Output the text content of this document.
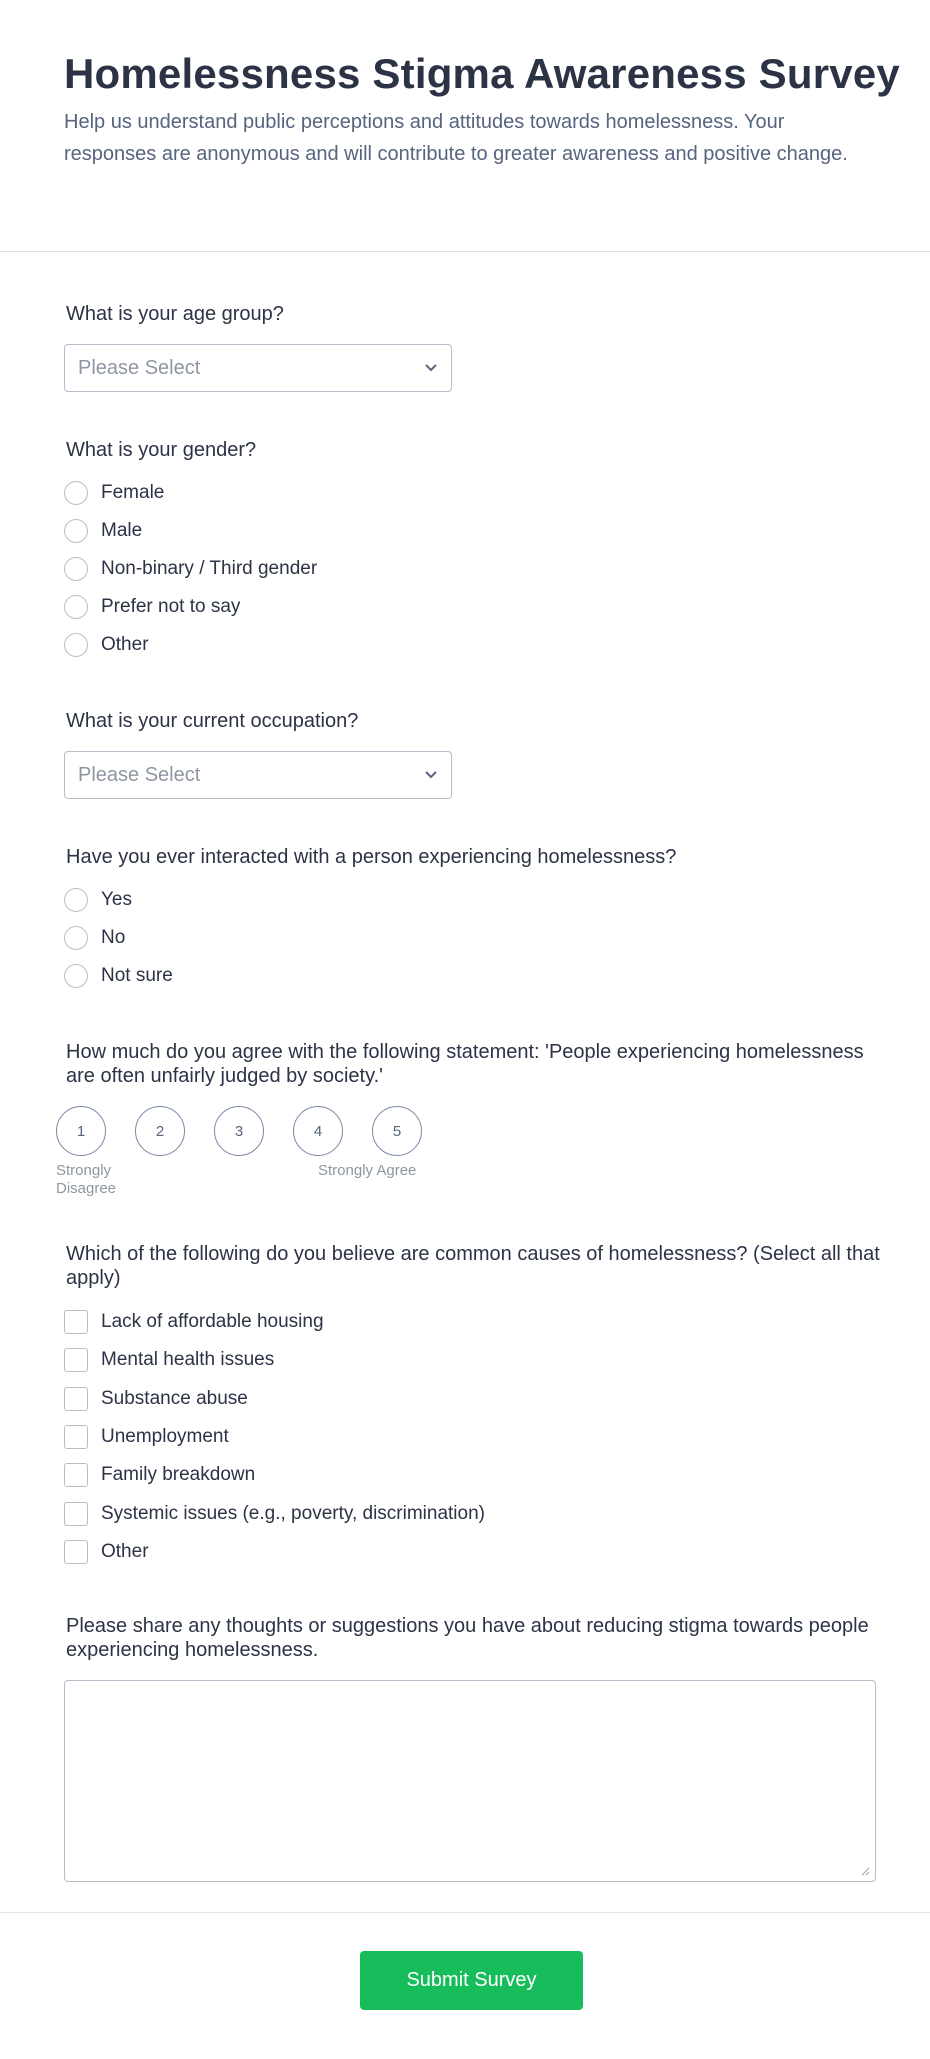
Homelessness Stigma Awareness Survey

Help us understand public perceptions and attitudes towards homelessness. Your responses are anonymous and will contribute to greater awareness and positive change.

What is your age group?
Please Select
What is your gender?
Female
Male
Non-binary / Third gender
Prefer not to say
Other
What is your current occupation?
Please Select
Have you ever interacted with a person experiencing homelessness?
Yes
No
Not sure
How much do you agree with the following statement: 'People experiencing homelessness are often unfairly judged by society.'
1	2	3	4	5
Strongly Disagree
Strongly Agree
Which of the following do you believe are common causes of homelessness? (Select all that apply)
Lack of affordable housing
Mental health issues
Substance abuse
Unemployment
Family breakdown
Systemic issues (e.g., poverty, discrimination)
Other
Please share any thoughts or suggestions you have about reducing stigma towards people experiencing homelessness.
Submit Survey
